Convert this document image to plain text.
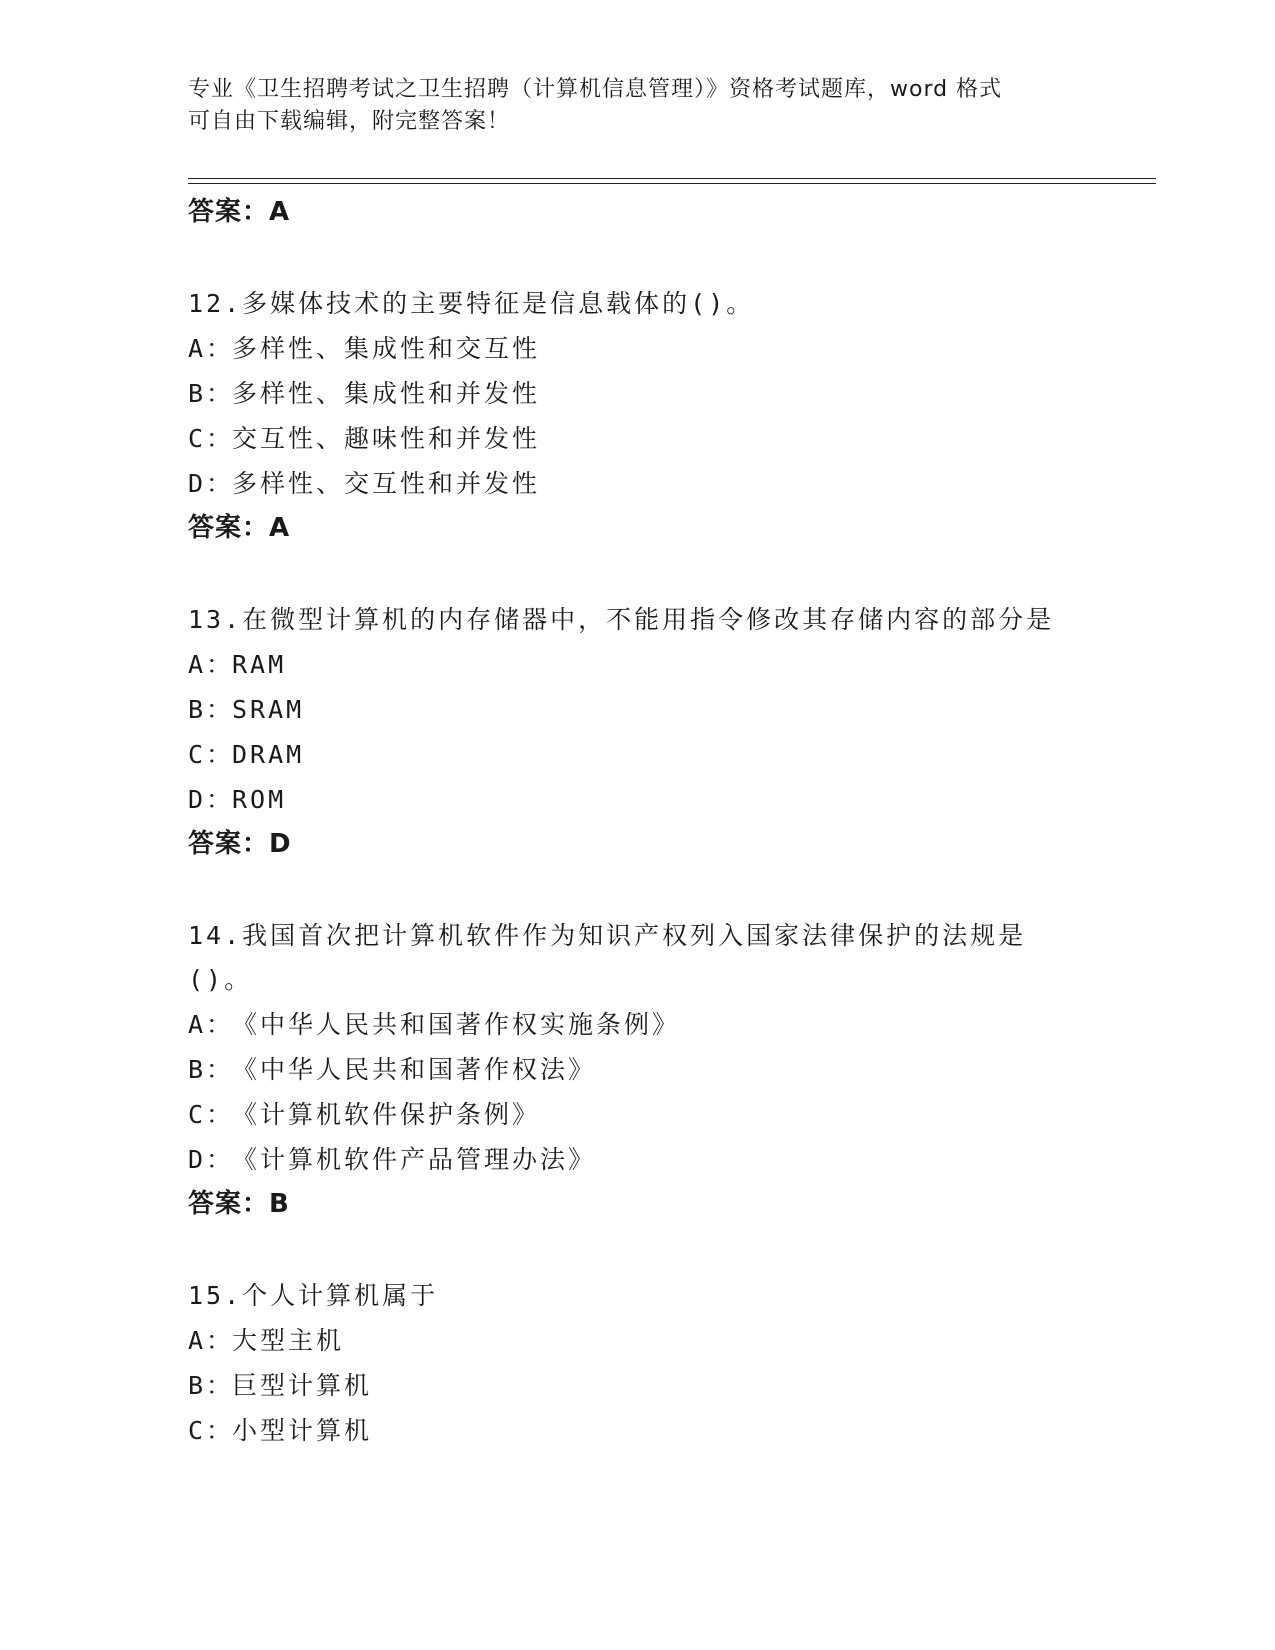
专业《卫生招聘考试之卫生招聘（计算机信息管理）》资格考试题库，word 格式
可自由下载编辑，附完整答案！
答案：A
12.多媒体技术的主要特征是信息载体的()。
A：多样性、集成性和交互性
B：多样性、集成性和并发性
C：交互性、趣味性和并发性
D：多样性、交互性和并发性
答案：A
13.在微型计算机的内存储器中，不能用指令修改其存储内容的部分是
A：RAM
B：SRAM
C：DRAM
D：ROM
答案：D
14.我国首次把计算机软件作为知识产权列入国家法律保护的法规是()。
A：《中华人民共和国著作权实施条例》
B：《中华人民共和国著作权法》
C：《计算机软件保护条例》
D：《计算机软件产品管理办法》
答案：B
15.个人计算机属于
A：大型主机
B：巨型计算机
C：小型计算机
